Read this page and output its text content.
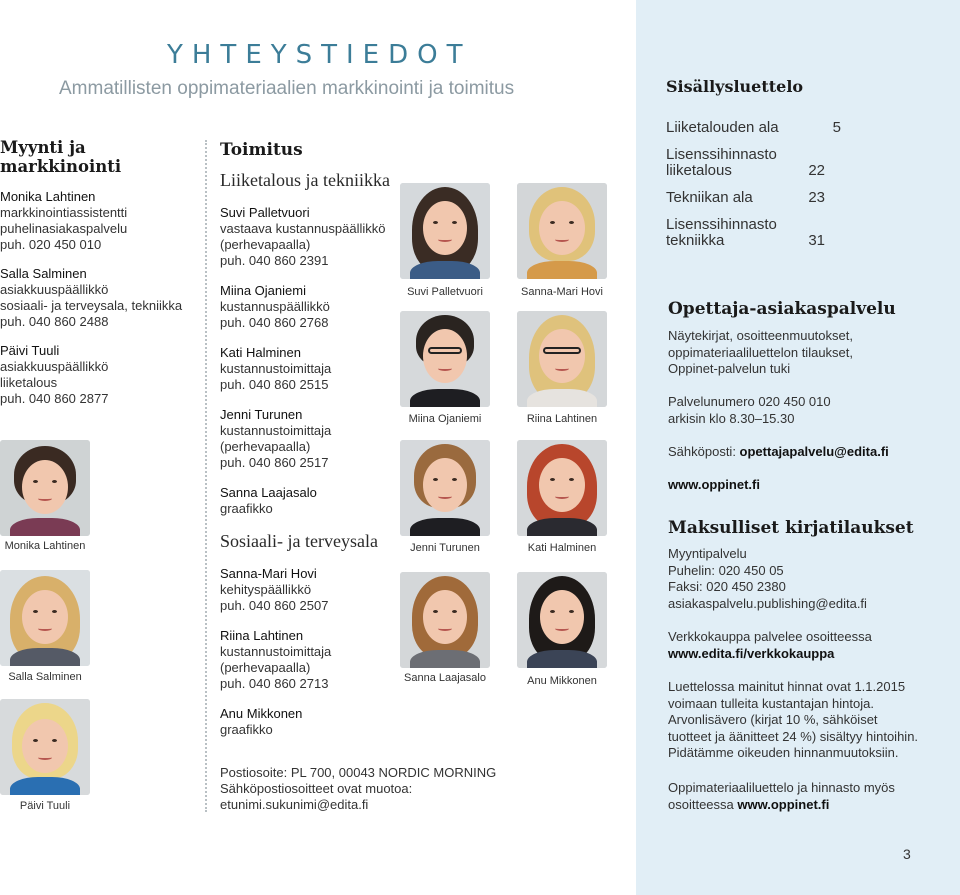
YHTEYSTIEDOT
Ammatillisten oppimateriaalien markkinointi ja toimitus
Myynti ja markkinointi
Monika Lahtinen
markkinointiassistentti
puhelinasiakaspalvelu
puh. 020 450 010
Salla Salminen
asiakkuuspäällikkö
sosiaali- ja terveysala, tekniikka
puh. 040 860 2488
Päivi Tuuli
asiakkuuspäällikkö
liiketalous
puh. 040 860 2877
Toimitus
Liiketalous ja tekniikka
Suvi Palletvuori
vastaava kustannuspäällikkö
(perhevapaalla)
puh. 040 860 2391
Miina Ojaniemi
kustannuspäällikkö
puh. 040 860 2768
Kati Halminen
kustannustoimittaja
puh. 040 860 2515
Jenni Turunen
kustannustoimittaja
(perhevapaalla)
puh. 040 860 2517
Sanna Laajasalo
graafikko
Sosiaali- ja terveysala
Sanna-Mari Hovi
kehityspäällikkö
puh. 040 860 2507
Riina Lahtinen
kustannustoimittaja
(perhevapaalla)
puh. 040 860 2713
Anu Mikkonen
graafikko
Postiosoite: PL 700, 00043 NORDIC MORNING
Sähköpostiosoitteet ovat muotoa:
etunimi.sukunimi@edita.fi
Monika Lahtinen
Salla Salminen
Päivi Tuuli
Suvi Palletvuori	Sanna-Mari Hovi
Miina Ojaniemi	Riina Lahtinen
Jenni Turunen	Kati Halminen
Sanna Laajasalo	Anu Mikkonen
Sisällysluettelo
Liiketalouden ala	5
Lisenssihinnasto liiketalous	22
Tekniikan ala	23
Lisenssihinnasto tekniikka	31
Opettaja-asiakaspalvelu
Näytekirjat, osoitteenmuutokset,
oppimateriaaliluettelon tilaukset,
Oppinet-palvelun tuki
Palvelunumero 020 450 010
arkisin klo 8.30–15.30
Sähköposti: opettajapalvelu@edita.fi
www.oppinet.fi
Maksulliset kirjatilaukset
Myyntipalvelu
Puhelin: 020 450 05
Faksi: 020 450 2380
asiakaspalvelu.publishing@edita.fi
Verkkokauppa palvelee osoitteessa
www.edita.fi/verkkokauppa
Luettelossa mainitut hinnat ovat 1.1.2015
voimaan tulleita kustantajan hintoja.
Arvonlisävero (kirjat 10 %, sähköiset
tuotteet ja äänitteet 24 %) sisältyy hintoihin.
Pidätämme oikeuden hinnanmuutoksiin.
Oppimateriaaliluettelo ja hinnasto myös
osoitteessa www.oppinet.fi
3
